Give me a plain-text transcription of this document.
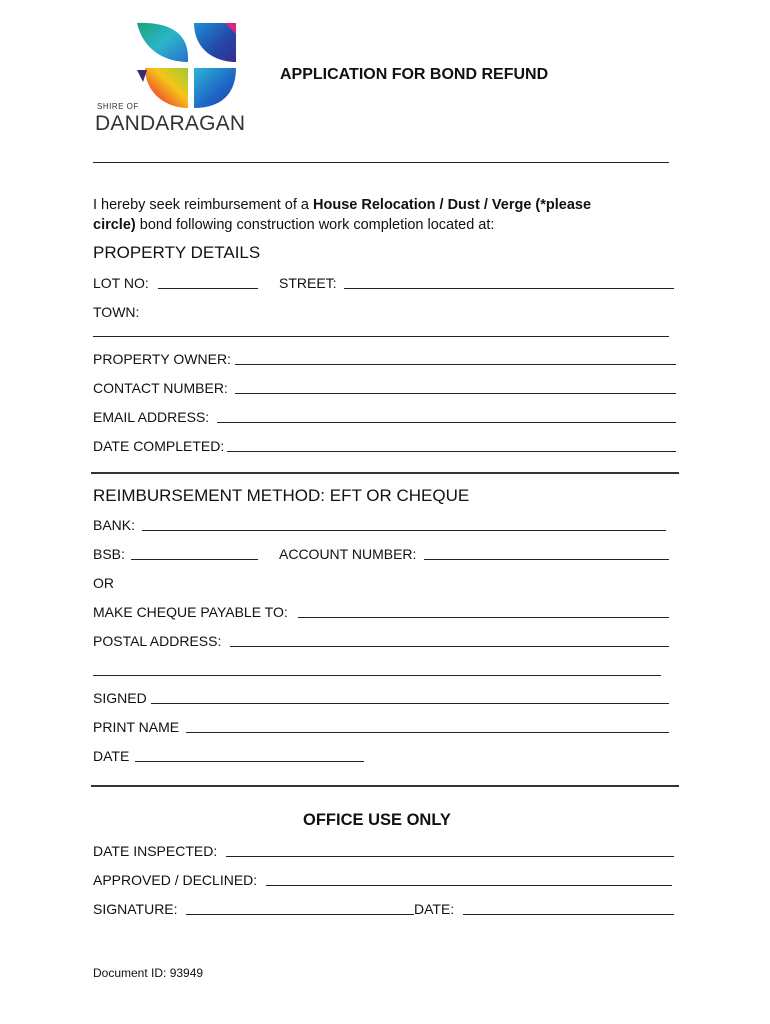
SHIRE OF
DANDARAGAN
APPLICATION FOR BOND REFUND
I hereby seek reimbursement of a House Relocation / Dust / Verge (*please
circle) bond following construction work completion located at:
PROPERTY DETAILS
LOT NO:	STREET:
TOWN:
PROPERTY OWNER:
CONTACT NUMBER:
EMAIL ADDRESS:
DATE COMPLETED:
REIMBURSEMENT METHOD: EFT OR CHEQUE
BANK:
BSB:	ACCOUNT NUMBER:
OR
MAKE CHEQUE PAYABLE TO:
POSTAL ADDRESS:
SIGNED
PRINT NAME
DATE
OFFICE USE ONLY
DATE INSPECTED:
APPROVED / DECLINED:
SIGNATURE:	DATE:
Document ID: 93949
